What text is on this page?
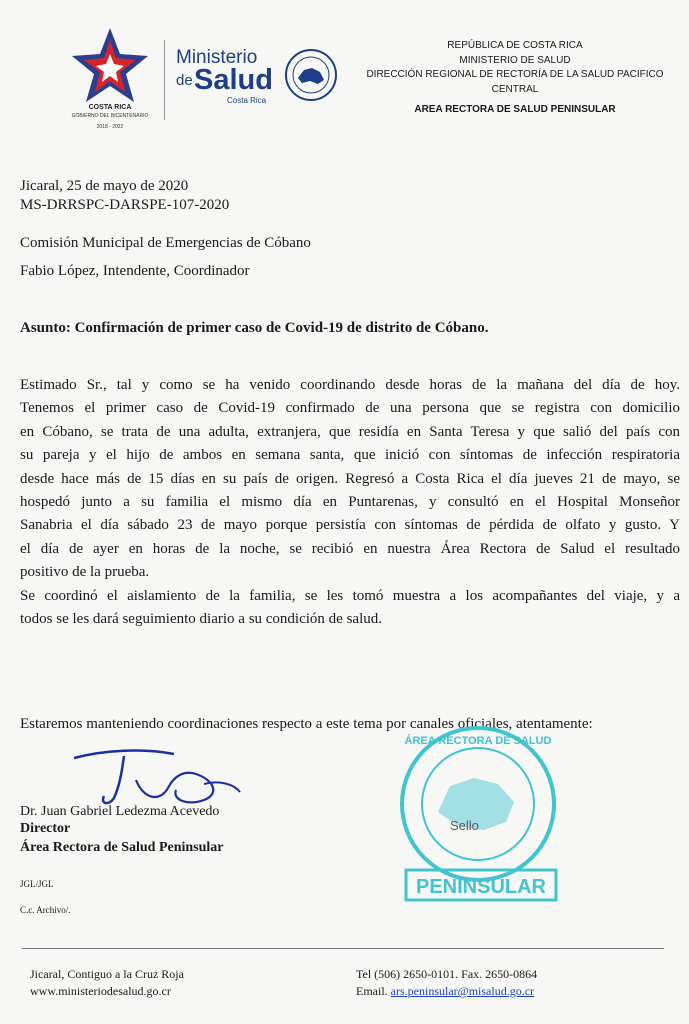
COSTA RICA
GOBIERNO DEL BICENTENARIO
2018 - 2022
Ministerio
de Salud
Costa Rica
REPÚBLICA DE COSTA RICA
MINISTERIO DE SALUD
DIRECCIÓN REGIONAL DE RECTORÍA DE LA SALUD PACIFICO
CENTRAL
AREA RECTORA DE SALUD PENINSULAR
Jicaral, 25 de mayo de 2020
MS-DRRSPC-DARSPE-107-2020
Comisión Municipal de Emergencias de Cóbano
Fabio López, Intendente, Coordinador
Asunto: Confirmación de primer caso de Covid-19 de distrito de Cóbano.
Estimado Sr., tal y como se ha venido coordinando desde horas de la mañana del día de hoy.
Tenemos el primer caso de Covid-19 confirmado de una persona que se registra con domicilio
en Cóbano, se trata de una adulta, extranjera, que residía en Santa Teresa y que salió del país con
su pareja y el hijo de ambos en semana santa, que inició con síntomas de infección respiratoria
desde hace más de 15 días en su país de origen. Regresó a Costa Rica el día jueves 21 de mayo, se
hospedó junto a su familia el mismo día en Puntarenas, y consultó en el Hospital Monseñor
Sanabria el día sábado 23 de mayo porque persistía con síntomas de pérdida de olfato y gusto. Y
el día de ayer en horas de la noche, se recibió en nuestra Área Rectora de Salud el resultado
positivo de la prueba.
Se coordinó el aislamiento de la familia, se les tomó muestra a los acompañantes del viaje, y a
todos se les dará seguimiento diario a su condición de salud.
Estaremos manteniendo coordinaciones respecto a este tema por canales oficiales, atentamente:
ÁREA RECTORA DE SALUD
PENINSULAR
Sello
Dr. Juan Gabriel Ledezma Acevedo
Director
Área Rectora de Salud Peninsular
JGL/JGL
C.c. Archivo/.
Jicaral, Contiguo a la Cruz Roja
www.ministeriodesalud.go.cr
Tel (506) 2650-0101. Fax. 2650-0864
Email. ars.peninsular@misalud.go.cr
